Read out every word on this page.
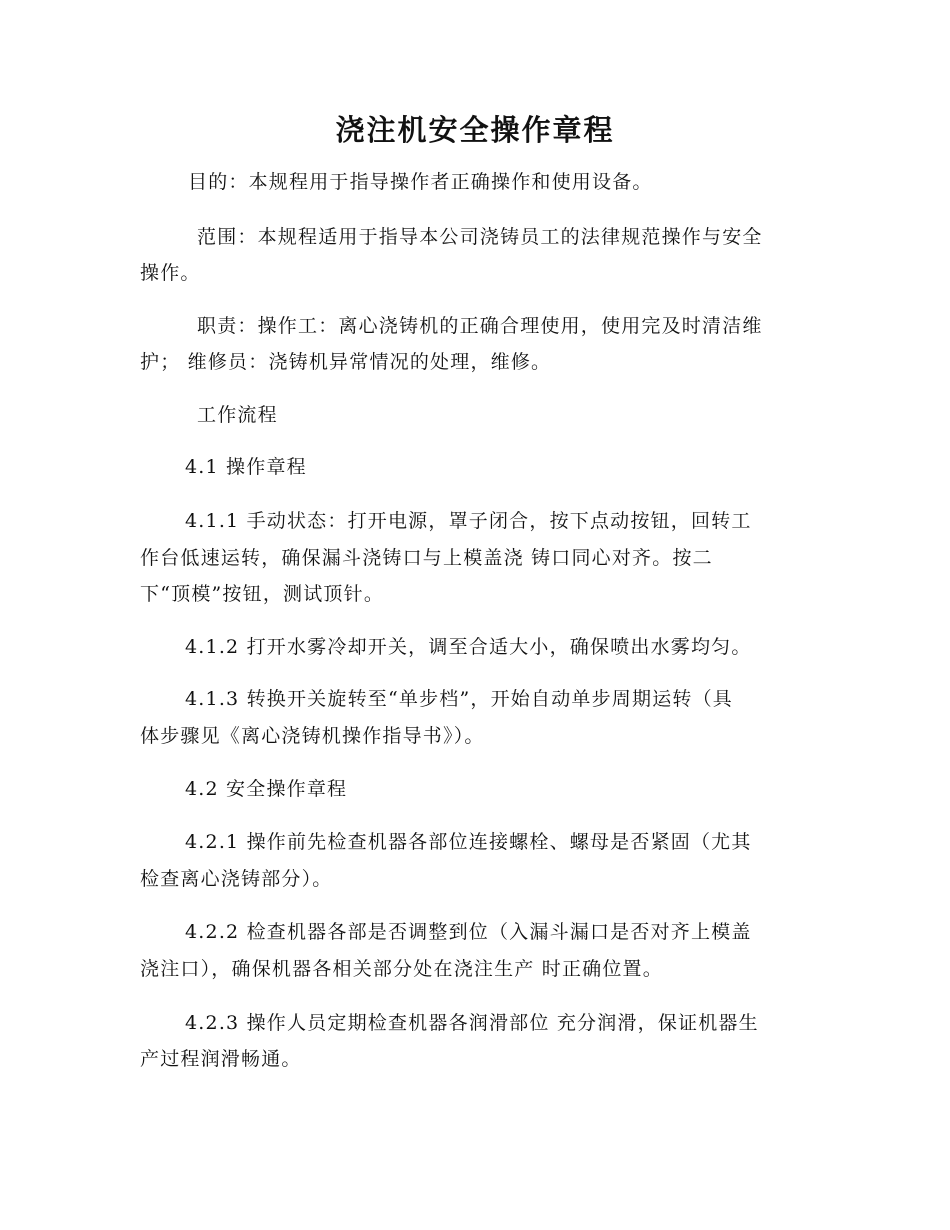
浇注机安全操作章程
目的：本规程用于指导操作者正确操作和使用设备。
范围：本规程适用于指导本公司浇铸员工的法律规范操作与安全
操作。
职责：操作工：离心浇铸机的正确合理使用，使用完及时清洁维
护； 维修员：浇铸机异常情况的处理，维修。
工作流程
4.1 操作章程
4.1.1 手动状态：打开电源，罩子闭合，按下点动按钮，回转工
作台低速运转，确保漏斗浇铸口与上模盖浇 铸口同心对齐。按二
下“顶模”按钮，测试顶针。
4.1.2 打开水雾冷却开关，调至合适大小，确保喷出水雾均匀。
4.1.3 转换开关旋转至“单步档”，开始自动单步周期运转（具
体步骤见《离心浇铸机操作指导书》）。
4.2 安全操作章程
4.2.1 操作前先检查机器各部位连接螺栓、螺母是否紧固（尤其
检查离心浇铸部分）。
4.2.2 检查机器各部是否调整到位（入漏斗漏口是否对齐上模盖
浇注口），确保机器各相关部分处在浇注生产 时正确位置。
4.2.3 操作人员定期检查机器各润滑部位 充分润滑，保证机器生
产过程润滑畅通。
